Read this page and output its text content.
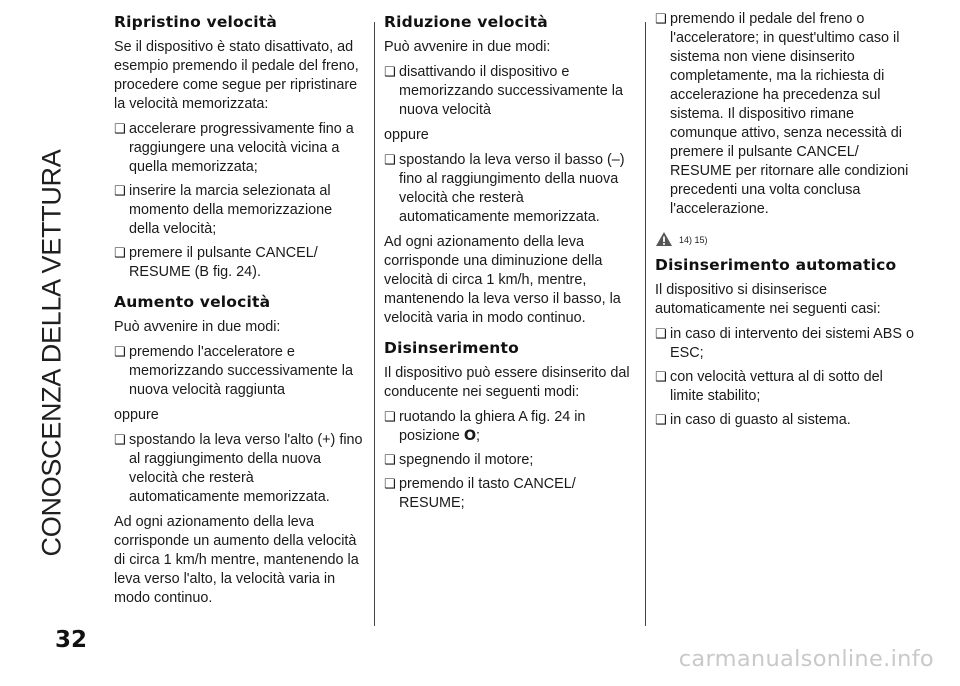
CONOSCENZA DELLA VETTURA
32
Ripristino velocità

Se il dispositivo è stato disattivato, ad esempio premendo il pedale del freno, procedere come segue per ripristinare la velocità memorizzata:

❑ accelerare progressivamente fino a raggiungere una velocità vicina a quella memorizzata;
❑ inserire la marcia selezionata al momento della memorizzazione della velocità;
❑ premere il pulsante CANCEL/ RESUME (B fig. 24).
Aumento velocità

Può avvenire in due modi:

❑ premendo l'acceleratore e memorizzando successivamente la nuova velocità raggiunta

oppure

❑ spostando la leva verso l'alto (+) fino al raggiungimento della nuova velocità che resterà automaticamente memorizzata.

Ad ogni azionamento della leva corrisponde un aumento della velocità di circa 1 km/h mentre, mantenendo la leva verso l'alto, la velocità varia in modo continuo.

Riduzione velocità

Può avvenire in due modi:

❑ disattivando il dispositivo e memorizzando successivamente la nuova velocità

oppure

❑ spostando la leva verso il basso (–) fino al raggiungimento della nuova velocità che resterà automaticamente memorizzata.

Ad ogni azionamento della leva corrisponde una diminuzione della velocità di circa 1 km/h, mentre, mantenendo la leva verso il basso, la velocità varia in modo continuo.

Disinserimento

Il dispositivo può essere disinserito dal conducente nei seguenti modi:

❑ ruotando la ghiera A fig. 24 in posizione O;
❑ spegnendo il motore;
❑ premendo il tasto CANCEL/ RESUME;
❑ premendo il pedale del freno o l'acceleratore; in quest'ultimo caso il sistema non viene disinserito completamente, ma la richiesta di accelerazione ha precedenza sul sistema. Il dispositivo rimane comunque attivo, senza necessità di premere il pulsante CANCEL/ RESUME per ritornare alle condizioni precedenti una volta conclusa l'accelerazione.
14) 15)
Disinserimento automatico

Il dispositivo si disinserisce automaticamente nei seguenti casi:

❑ in caso di intervento dei sistemi ABS o ESC;
❑ con velocità vettura al di sotto del limite stabilito;
❑ in caso di guasto al sistema.
carmanualsonline.info
